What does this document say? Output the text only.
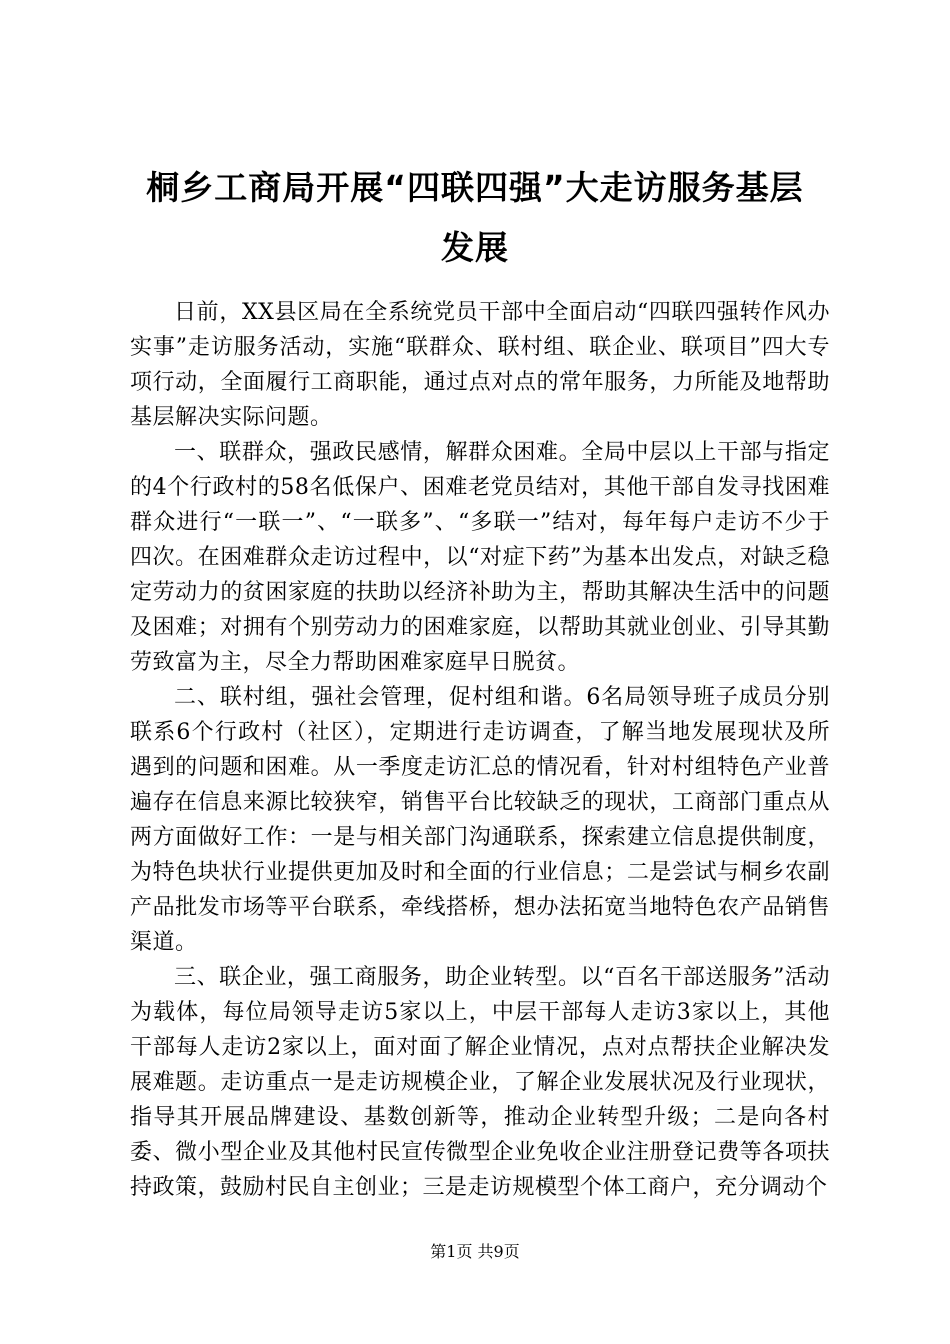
桐乡工商局开展“四联四强”大走访服务基层
发展

日前，XX县区局在全系统党员干部中全面启动“四联四强转作风办实事”走访服务活动，实施“联群众、联村组、联企业、联项目”四大专项行动，全面履行工商职能，通过点对点的常年服务，力所能及地帮助基层解决实际问题。

一、联群众，强政民感情，解群众困难。全局中层以上干部与指定的4个行政村的58名低保户、困难老党员结对，其他干部自发寻找困难群众进行“一联一”、“一联多”、“多联一”结对，每年每户走访不少于四次。在困难群众走访过程中，以“对症下药”为基本出发点，对缺乏稳定劳动力的贫困家庭的扶助以经济补助为主，帮助其解决生活中的问题及困难；对拥有个别劳动力的困难家庭，以帮助其就业创业、引导其勤劳致富为主，尽全力帮助困难家庭早日脱贫。

二、联村组，强社会管理，促村组和谐。6名局领导班子成员分别联系6个行政村（社区），定期进行走访调查，了解当地发展现状及所遇到的问题和困难。从一季度走访汇总的情况看，针对村组特色产业普遍存在信息来源比较狭窄，销售平台比较缺乏的现状，工商部门重点从两方面做好工作：一是与相关部门沟通联系，探索建立信息提供制度，为特色块状行业提供更加及时和全面的行业信息；二是尝试与桐乡农副产品批发市场等平台联系，牵线搭桥，想办法拓宽当地特色农产品销售渠道。

三、联企业，强工商服务，助企业转型。以“百名干部送服务”活动为载体，每位局领导走访5家以上，中层干部每人走访3家以上，其他干部每人走访2家以上，面对面了解企业情况，点对点帮扶企业解决发展难题。走访重点一是走访规模企业，了解企业发展状况及行业现状，指导其开展品牌建设、基数创新等，推动企业转型升级；二是向各村委、微小型企业及其他村民宣传微型企业免收企业注册登记费等各项扶持政策，鼓励村民自主创业；三是走访规模型个体工商户，充分调动个

第1页 共9页
